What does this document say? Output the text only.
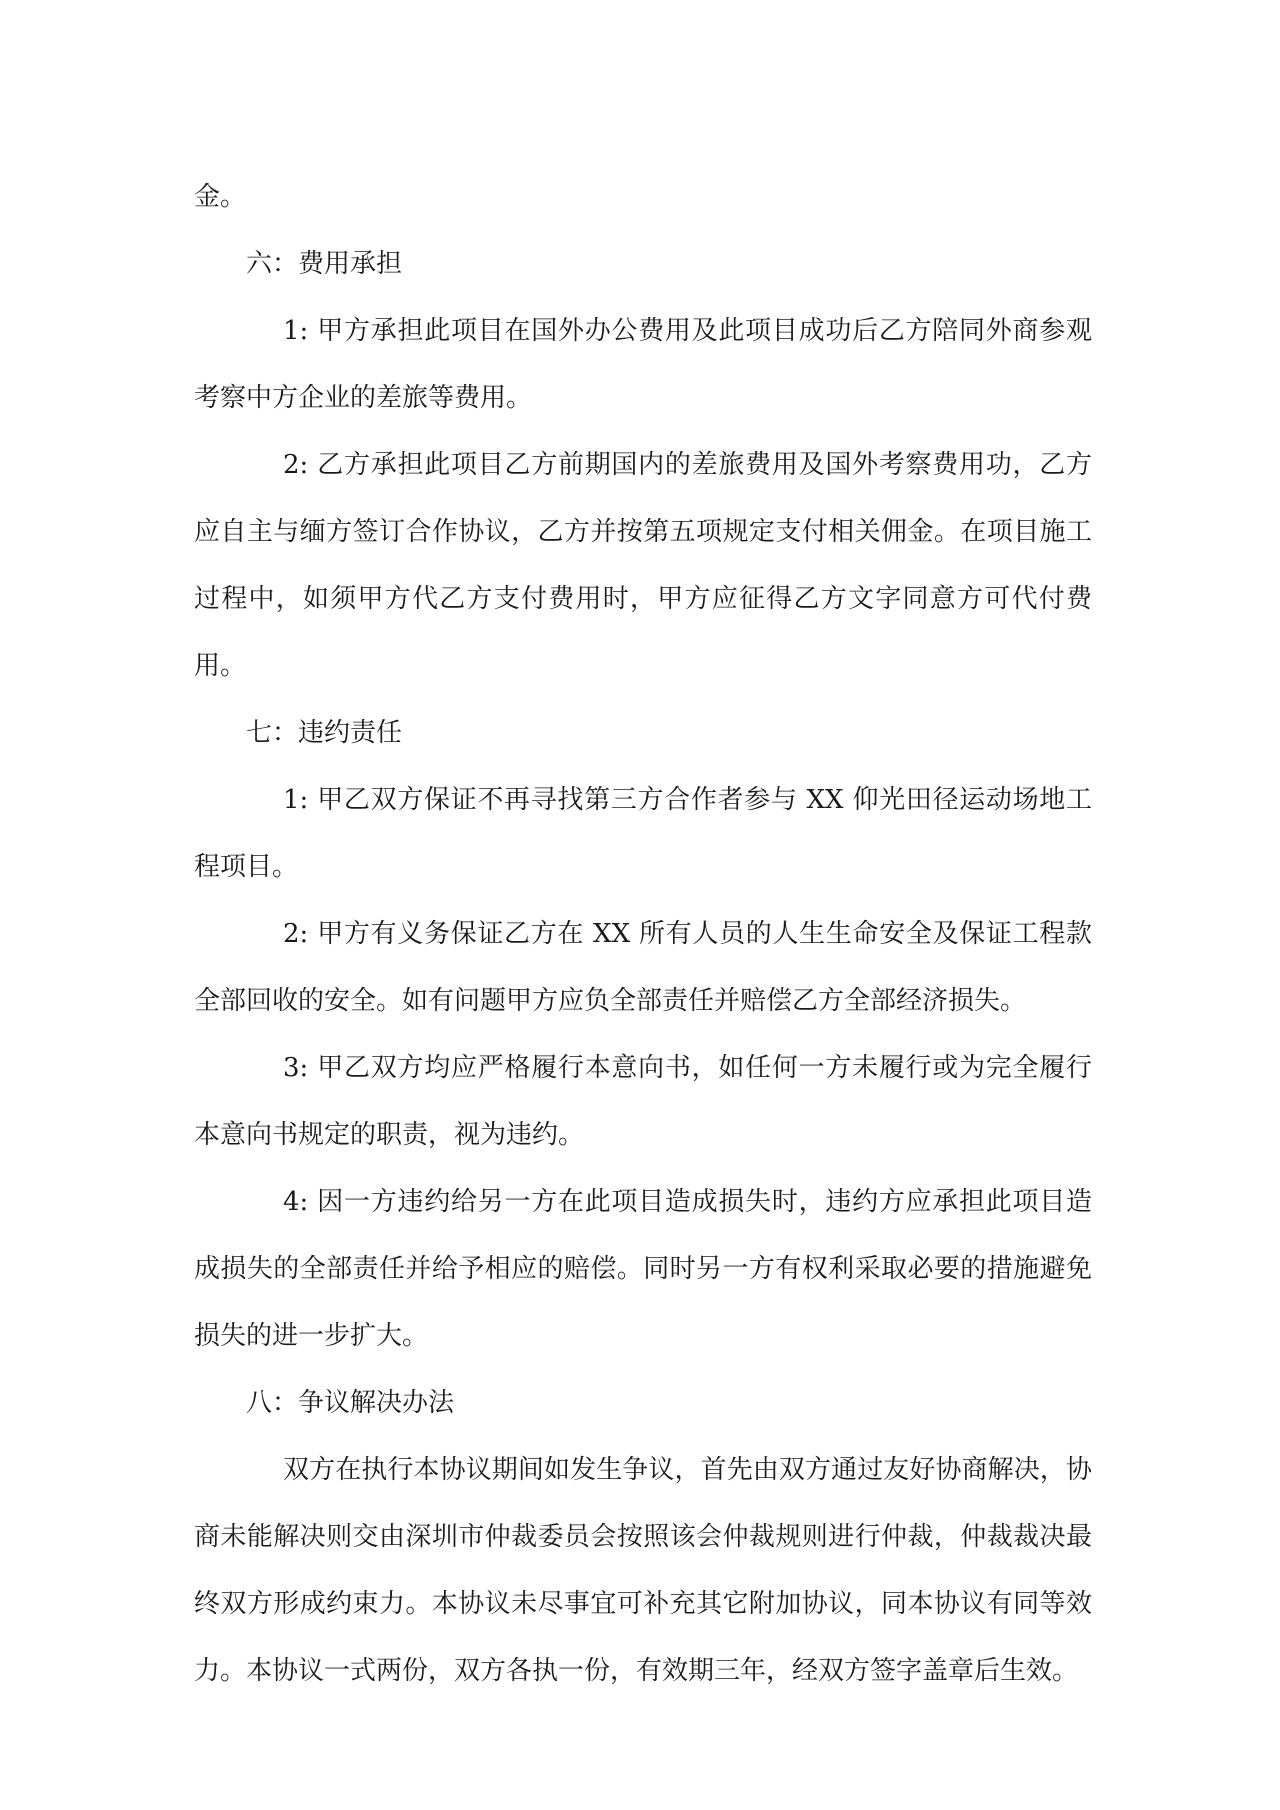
金。

六：费用承担

1: 甲方承担此项目在国外办公费用及此项目成功后乙方陪同外商参观考察中方企业的差旅等费用。

2: 乙方承担此项目乙方前期国内的差旅费用及国外考察费用功，乙方应自主与缅方签订合作协议，乙方并按第五项规定支付相关佣金。在项目施工过程中，如须甲方代乙方支付费用时，甲方应征得乙方文字同意方可代付费用。

七：违约责任

1: 甲乙双方保证不再寻找第三方合作者参与 XX 仰光田径运动场地工程项目。

2: 甲方有义务保证乙方在 XX 所有人员的人生生命安全及保证工程款全部回收的安全。如有问题甲方应负全部责任并赔偿乙方全部经济损失。

3: 甲乙双方均应严格履行本意向书，如任何一方未履行或为完全履行本意向书规定的职责，视为违约。

4: 因一方违约给另一方在此项目造成损失时，违约方应承担此项目造成损失的全部责任并给予相应的赔偿。同时另一方有权利采取必要的措施避免损失的进一步扩大。

八：争议解决办法

双方在执行本协议期间如发生争议，首先由双方通过友好协商解决，协商未能解决则交由深圳市仲裁委员会按照该会仲裁规则进行仲裁，仲裁裁决最终双方形成约束力。本协议未尽事宜可补充其它附加协议，同本协议有同等效力。本协议一式两份，双方各执一份，有效期三年，经双方签字盖章后生效。
